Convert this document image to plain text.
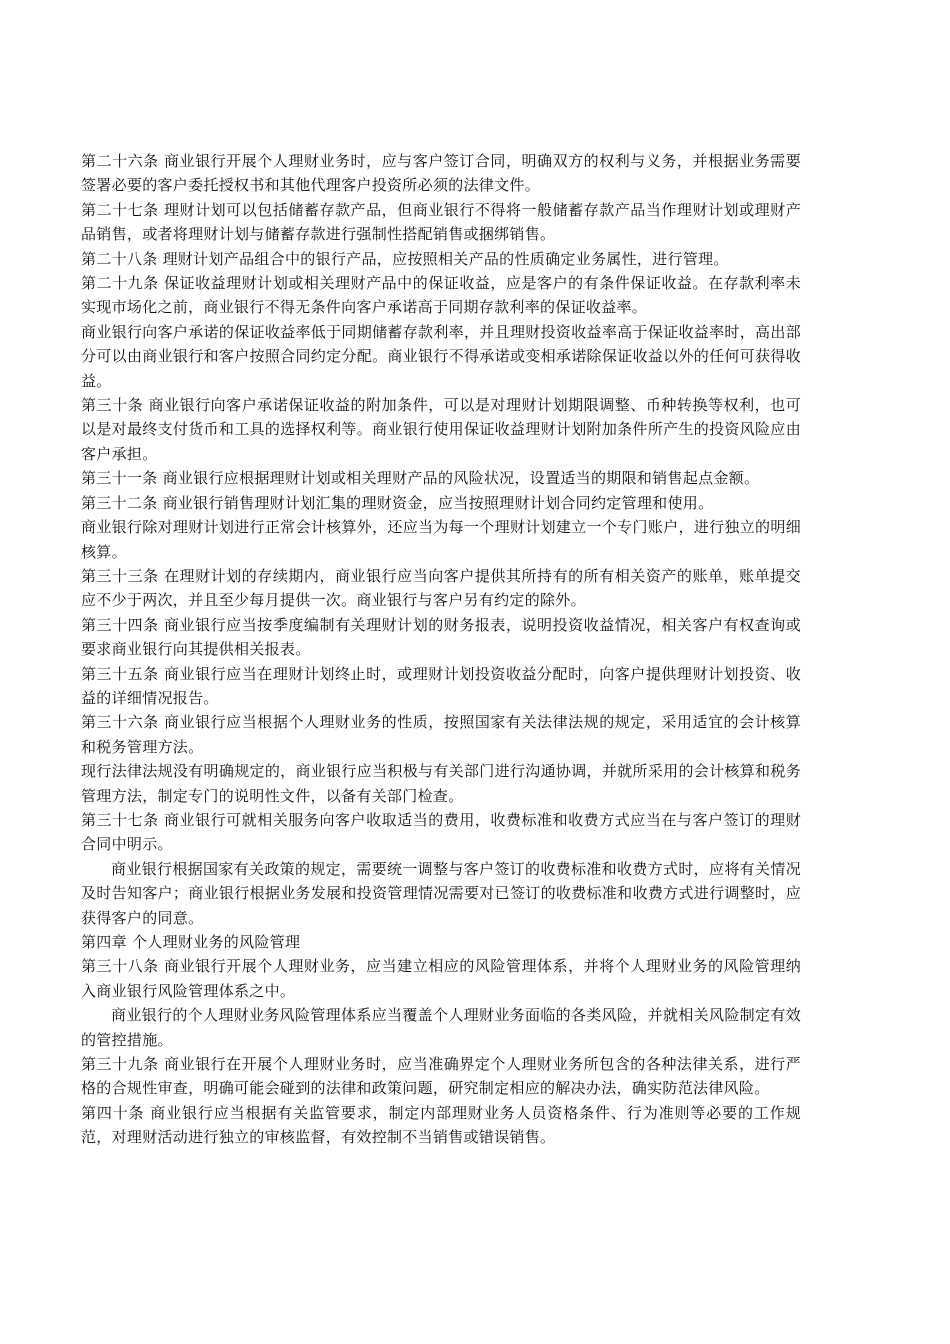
第二十六条 商业银行开展个人理财业务时，应与客户签订合同，明确双方的权利与义务，并根据业务需要签署必要的客户委托授权书和其他代理客户投资所必须的法律文件。

第二十七条 理财计划可以包括储蓄存款产品，但商业银行不得将一般储蓄存款产品当作理财计划或理财产品销售，或者将理财计划与储蓄存款进行强制性搭配销售或捆绑销售。

第二十八条 理财计划产品组合中的银行产品，应按照相关产品的性质确定业务属性，进行管理。

第二十九条 保证收益理财计划或相关理财产品中的保证收益，应是客户的有条件保证收益。在存款利率未实现市场化之前，商业银行不得无条件向客户承诺高于同期存款利率的保证收益率。

商业银行向客户承诺的保证收益率低于同期储蓄存款利率，并且理财投资收益率高于保证收益率时，高出部分可以由商业银行和客户按照合同约定分配。商业银行不得承诺或变相承诺除保证收益以外的任何可获得收益。

第三十条 商业银行向客户承诺保证收益的附加条件，可以是对理财计划期限调整、币种转换等权利，也可以是对最终支付货币和工具的选择权利等。商业银行使用保证收益理财计划附加条件所产生的投资风险应由客户承担。

第三十一条 商业银行应根据理财计划或相关理财产品的风险状况，设置适当的期限和销售起点金额。

第三十二条 商业银行销售理财计划汇集的理财资金，应当按照理财计划合同约定管理和使用。

商业银行除对理财计划进行正常会计核算外，还应当为每一个理财计划建立一个专门账户，进行独立的明细核算。

第三十三条 在理财计划的存续期内，商业银行应当向客户提供其所持有的所有相关资产的账单，账单提交应不少于两次，并且至少每月提供一次。商业银行与客户另有约定的除外。

第三十四条 商业银行应当按季度编制有关理财计划的财务报表，说明投资收益情况，相关客户有权查询或要求商业银行向其提供相关报表。

第三十五条 商业银行应当在理财计划终止时，或理财计划投资收益分配时，向客户提供理财计划投资、收益的详细情况报告。

第三十六条 商业银行应当根据个人理财业务的性质，按照国家有关法律法规的规定，采用适宜的会计核算和税务管理方法。

现行法律法规没有明确规定的，商业银行应当积极与有关部门进行沟通协调，并就所采用的会计核算和税务管理方法，制定专门的说明性文件，以备有关部门检查。

第三十七条 商业银行可就相关服务向客户收取适当的费用，收费标准和收费方式应当在与客户签订的理财合同中明示。

商业银行根据国家有关政策的规定，需要统一调整与客户签订的收费标准和收费方式时，应将有关情况及时告知客户；商业银行根据业务发展和投资管理情况需要对已签订的收费标准和收费方式进行调整时，应获得客户的同意。

第四章 个人理财业务的风险管理

第三十八条 商业银行开展个人理财业务，应当建立相应的风险管理体系，并将个人理财业务的风险管理纳入商业银行风险管理体系之中。

商业银行的个人理财业务风险管理体系应当覆盖个人理财业务面临的各类风险，并就相关风险制定有效的管控措施。

第三十九条 商业银行在开展个人理财业务时，应当准确界定个人理财业务所包含的各种法律关系，进行严格的合规性审查，明确可能会碰到的法律和政策问题，研究制定相应的解决办法，确实防范法律风险。

第四十条 商业银行应当根据有关监管要求，制定内部理财业务人员资格条件、行为准则等必要的工作规范，对理财活动进行独立的审核监督，有效控制不当销售或错误销售。
